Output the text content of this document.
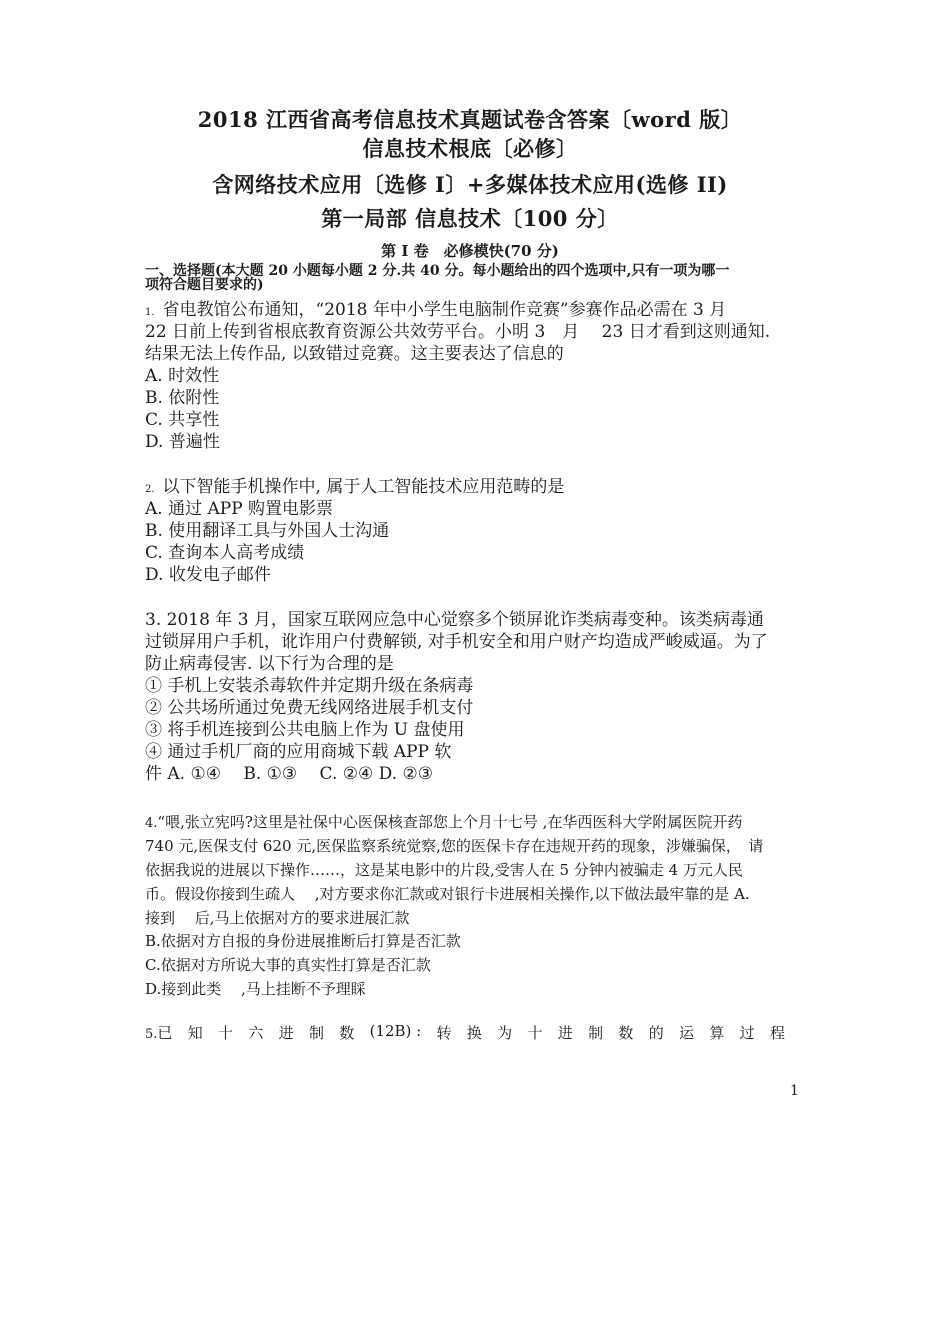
2018 江西省高考信息技术真题试卷含答案〔word 版〕
信息技术根底〔必修〕
含网络技术应用〔选修 I〕+多媒体技术应用(选修 II)
第一局部 信息技术〔100 分〕
第 I 卷　必修模快(70 分)
一、选择题(本大题 20 小题每小题 2 分.共 40 分。每小题给出的四个选项中,只有一项为哪一
项符合题目要求的)
1. 省电教馆公布通知，“2018 年中小学生电脑制作竞赛”参赛作品必需在 3 月
22 日前上传到省根底教育资源公共效劳平台。小明 3　月　 23 日才看到这则通知.
结果无法上传作品, 以致错过竞赛。这主要表达了信息的
A. 时效性
B. 依附性
C. 共享性
D. 普遍性
2. 以下智能手机操作中, 属于人工智能技术应用范畴的是
A. 通过 APP 购置电影票
B. 使用翻译工具与外国人士沟通
C. 查询本人高考成绩
D. 收发电子邮件
3. 2018 年 3 月，国家互联网应急中心觉察多个锁屏讹诈类病毒变种。该类病毒通
过锁屏用户手机，讹诈用户付费解锁, 对手机安全和用户财产均造成严峻威逼。为了
防止病毒侵害. 以下行为合理的是
① 手机上安装杀毒软件并定期升级在条病毒
② 公共场所通过免费无线网络进展手机支付
③ 将手机连接到公共电脑上作为 U 盘使用
④ 通过手机厂商的应用商城下载 APP 软
件 A. ①④　 B. ①③　 C. ②④ D. ②③
4.“喂,张立宪吗?这里是社保中心医保核查部您上个月十七号 ,在华西医科大学附属医院开药
740 元,医保支付 620 元,医保监察系统觉察,您的医保卡存在违规开药的现象，涉嫌骗保，　请
依据我说的进展以下操作……，这是某电影中的片段,受害人在 5 分钟内被骗走 4 万元人民
币。假设你接到生疏人　 ,对方要求你汇款或对银行卡进展相关操作,以下做法最牢靠的是 A.
接到　 后,马上依据对方的要求进展汇款
B.依据对方自报的身份进展推断后打算是否汇款
C.依据对方所说大事的真实性打算是否汇款
D.接到此类　 ,马上挂断不予理睬
5.已 知 十 六 进 制 数 (12B) : 转 换 为 十 进 制 数 的 运 算 过 程
1
